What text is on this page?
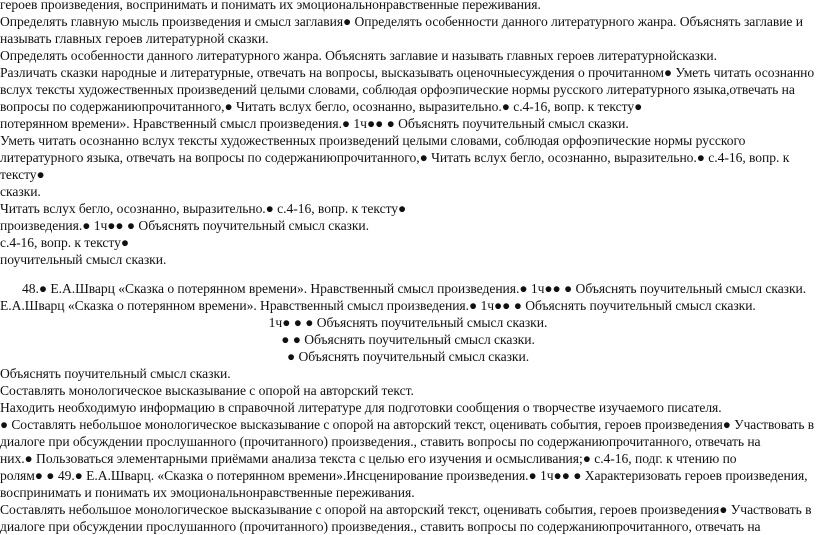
героев произведения, воспринимать и понимать их эмоциональнонравственные переживания.
Определять главную мысль произведения и смысл заглавия● Определять особенности данного литературного жанра. Объяснять заглавие и
называть главных героев литературной сказки.
Определять особенности данного литературного жанра. Объяснять заглавие и называть главных героев литературнойсказки.
Различать сказки народные и литературные, отвечать на вопросы, высказывать оценочныесуждения о прочитанном● Уметь читать осознанно
вслух тексты художественных произведений целыми словами, соблюдая орфоэпические нормы русского литературного языка,отвечать на
вопросы по содержаниюпрочитанного,● Читать вслух бегло, осознанно, выразительно.● с.4-16, вопр. к тексту●
потерянном времени». Нравственный смысл произведения.● 1ч●● ● Объяснять поучительный смысл сказки.
Уметь читать осознанно вслух тексты художественных произведений целыми словами, соблюдая орфоэпические нормы русского
литературного языка, отвечать на вопросы по содержаниюпрочитанного,● Читать вслух бегло, осознанно, выразительно.● с.4-16, вопр. к
тексту●
сказки.
Читать вслух бегло, осознанно, выразительно.● с.4-16, вопр. к тексту●
произведения.● 1ч●● ● Объяснять поучительный смысл сказки.
с.4-16, вопр. к тексту●
поучительный смысл сказки.
48.● Е.А.Шварц «Сказка о потерянном времени». Нравственный смысл произведения.● 1ч●● ● Объяснять поучительный смысл сказки.
Е.А.Шварц «Сказка о потерянном времени». Нравственный смысл произведения.● 1ч●● ● Объяснять поучительный смысл сказки.
1ч● ● ● Объяснять поучительный смысл сказки.
● ● Объяснять поучительный смысл сказки.
● Объяснять поучительный смысл сказки.
Объяснять поучительный смысл сказки.
Составлять монологическое высказывание с опорой на авторский текст.
Находить необходимую информацию в справочной литературе для подготовки сообщения о творчестве изучаемого писателя.
● Составлять небольшое монологическое высказывание с опорой на авторский текст, оценивать события, героев произведения● Участвовать в
диалоге при обсуждении прослушанного (прочитанного) произведения., ставить вопросы по содержаниюпрочитанного, отвечать на
них.● Пользоваться элементарными приёмами анализа текста с целью его изучения и осмысливания;● с.4-16, подг. к чтению по
ролям● ● 49.● Е.А.Шварц. «Сказка о потерянном времени».Инсценирование произведения.● 1ч●● ● Характеризовать героев произведения,
воспринимать и понимать их эмоциональнонравственные переживания.
Составлять небольшое монологическое высказывание с опорой на авторский текст, оценивать события, героев произведения● Участвовать в
диалоге при обсуждении прослушанного (прочитанного) произведения., ставить вопросы по содержаниюпрочитанного, отвечать на
